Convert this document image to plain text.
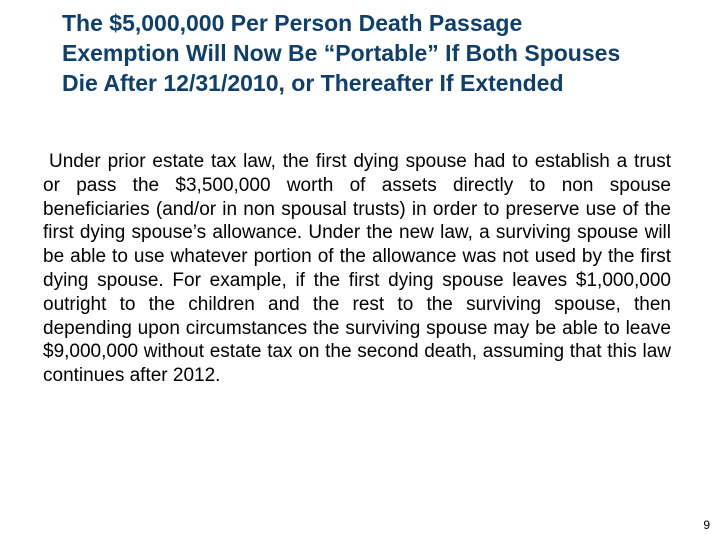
The $5,000,000 Per Person Death Passage
Exemption Will Now Be “Portable” If Both Spouses
Die After 12/31/2010, or Thereafter If Extended

Under prior estate tax law, the first dying spouse had to establish a trust or pass the $3,500,000 worth of assets directly to non spouse beneficiaries (and/or in non spousal trusts) in order to preserve use of the first dying spouse’s allowance. Under the new law, a surviving spouse will be able to use whatever portion of the allowance was not used by the first dying spouse. For example, if the first dying spouse leaves $1,000,000 outright to the children and the rest to the surviving spouse, then depending upon circumstances the surviving spouse may be able to leave $9,000,000 without estate tax on the second death, assuming that this law continues after 2012.

9
